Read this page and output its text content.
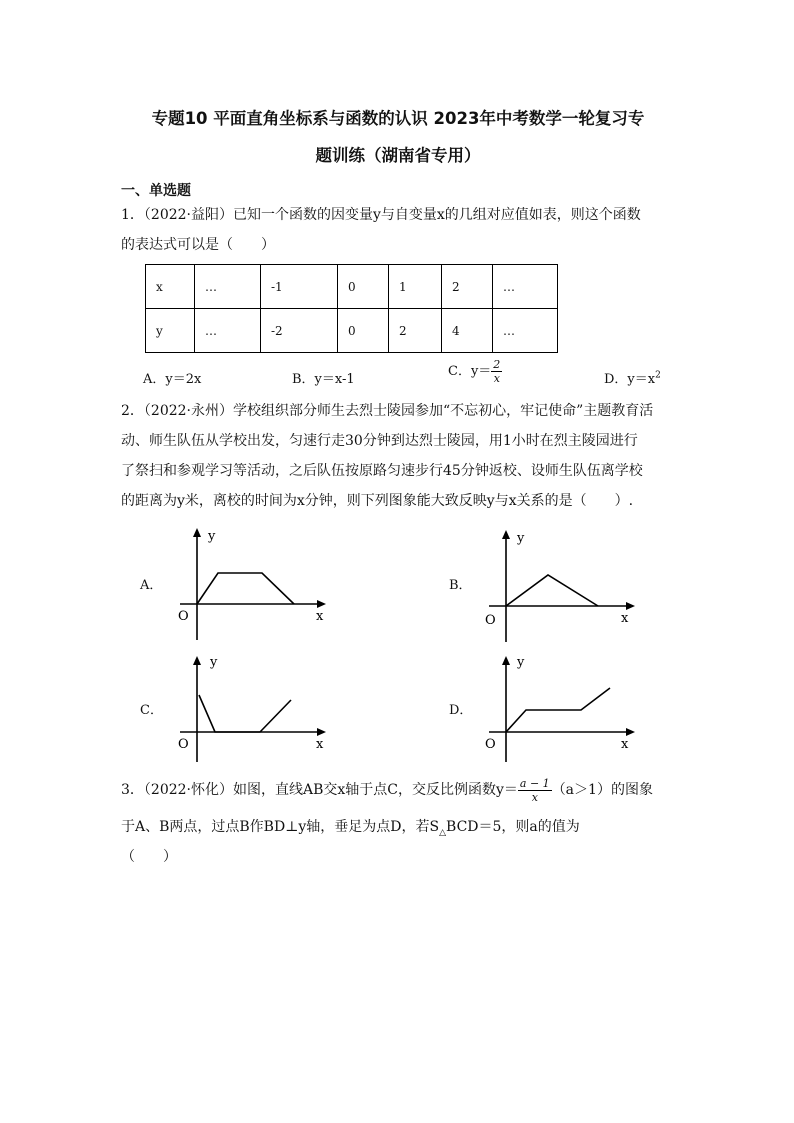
专题10 平面直角坐标系与函数的认识 2023年中考数学一轮复习专
题训练（湖南省专用）
一、单选题
1．（2022·益阳）已知一个函数的因变量y与自变量x的几组对应值如表，则这个函数
的表达式可以是（　　）
x	…	-1	0	1	2	…
y	…	-2	0	2	4	…
A．y＝2x	B．y＝x-1
C．$y= \frac{2}{x}$	D．$y=x^2$
2．（2022·永州）学校组织部分师生去烈士陵园参加“不忘初心，牢记使命”主题教育活
动、师生队伍从学校出发，匀速行走30分钟到达烈士陵园，用1小时在烈主陵园进行
了祭扫和参观学习等活动，之后队伍按原路匀速步行45分钟返校、设师生队伍离学校
的距离为y米，离校的时间为x分钟，则下列图象能大致反映y与x关系的是（　　）.
A．
y
O	x
B．
y
O	x
C．
y
O	x
D．
y
O	x
3．（2022·怀化）如图，直线AB交x轴于点C，交反比例函数$y= \frac{a - 1}{x} (a>1)$的图象
于A、B两点，过点B作BD⊥y轴，垂足为点D，若$S_\triangle BCD=5$，则a的值为
（　　）
